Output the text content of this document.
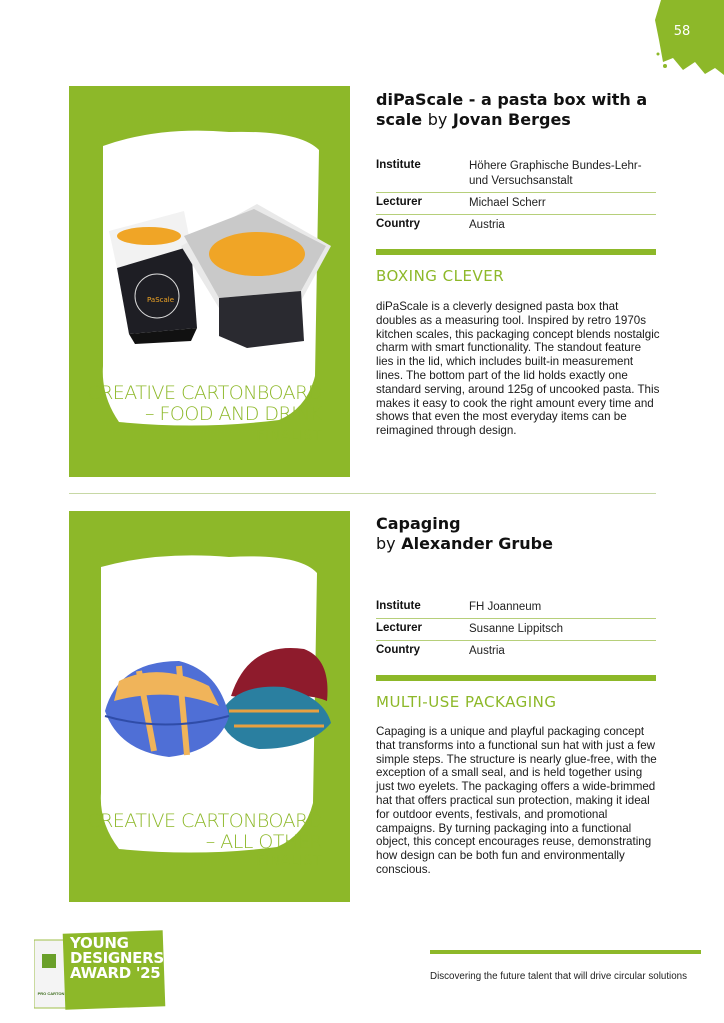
58
PaScale
CREATIVE CARTONBOARD
– FOOD AND DRINK
FINALIST
diPaScale - a pasta box with a scale by Jovan Berges
Institute	Höhere Graphische Bundes-Lehr- und Versuchsanstalt
Lecturer	Michael Scherr
Country	Austria
BOXING CLEVER

diPaScale is a cleverly designed pasta box that doubles as a measuring tool. Inspired by retro 1970s kitchen scales, this packaging concept blends nostalgic charm with smart functionality. The standout feature lies in the lid, which includes built-in measurement lines. The bottom part of the lid holds exactly one standard serving, around 125g of uncooked pasta. This makes it easy to cook the right amount every time and shows that even the most everyday items can be reimagined through design.

CREATIVE CARTONBOARD
– ALL OTHER
FINALIST
Capaging
by Alexander Grube
Institute	FH Joanneum
Lecturer	Susanne Lippitsch
Country	Austria
MULTI-USE PACKAGING

Capaging is a unique and playful packaging concept that transforms into a functional sun hat with just a few simple steps. The structure is nearly glue-free, with the exception of a small seal, and is held together using just two eyelets. The packaging offers a wide-brimmed hat that offers practical sun protection, making it ideal for outdoor events, festivals, and promotional campaigns. By turning packaging into a functional object, this concept encourages reuse, demonstrating how design can be both fun and environmentally conscious.

YOUNG
DESIGNERS
AWARD '25
PRO CARTON
Discovering the future talent that will drive circular solutions
